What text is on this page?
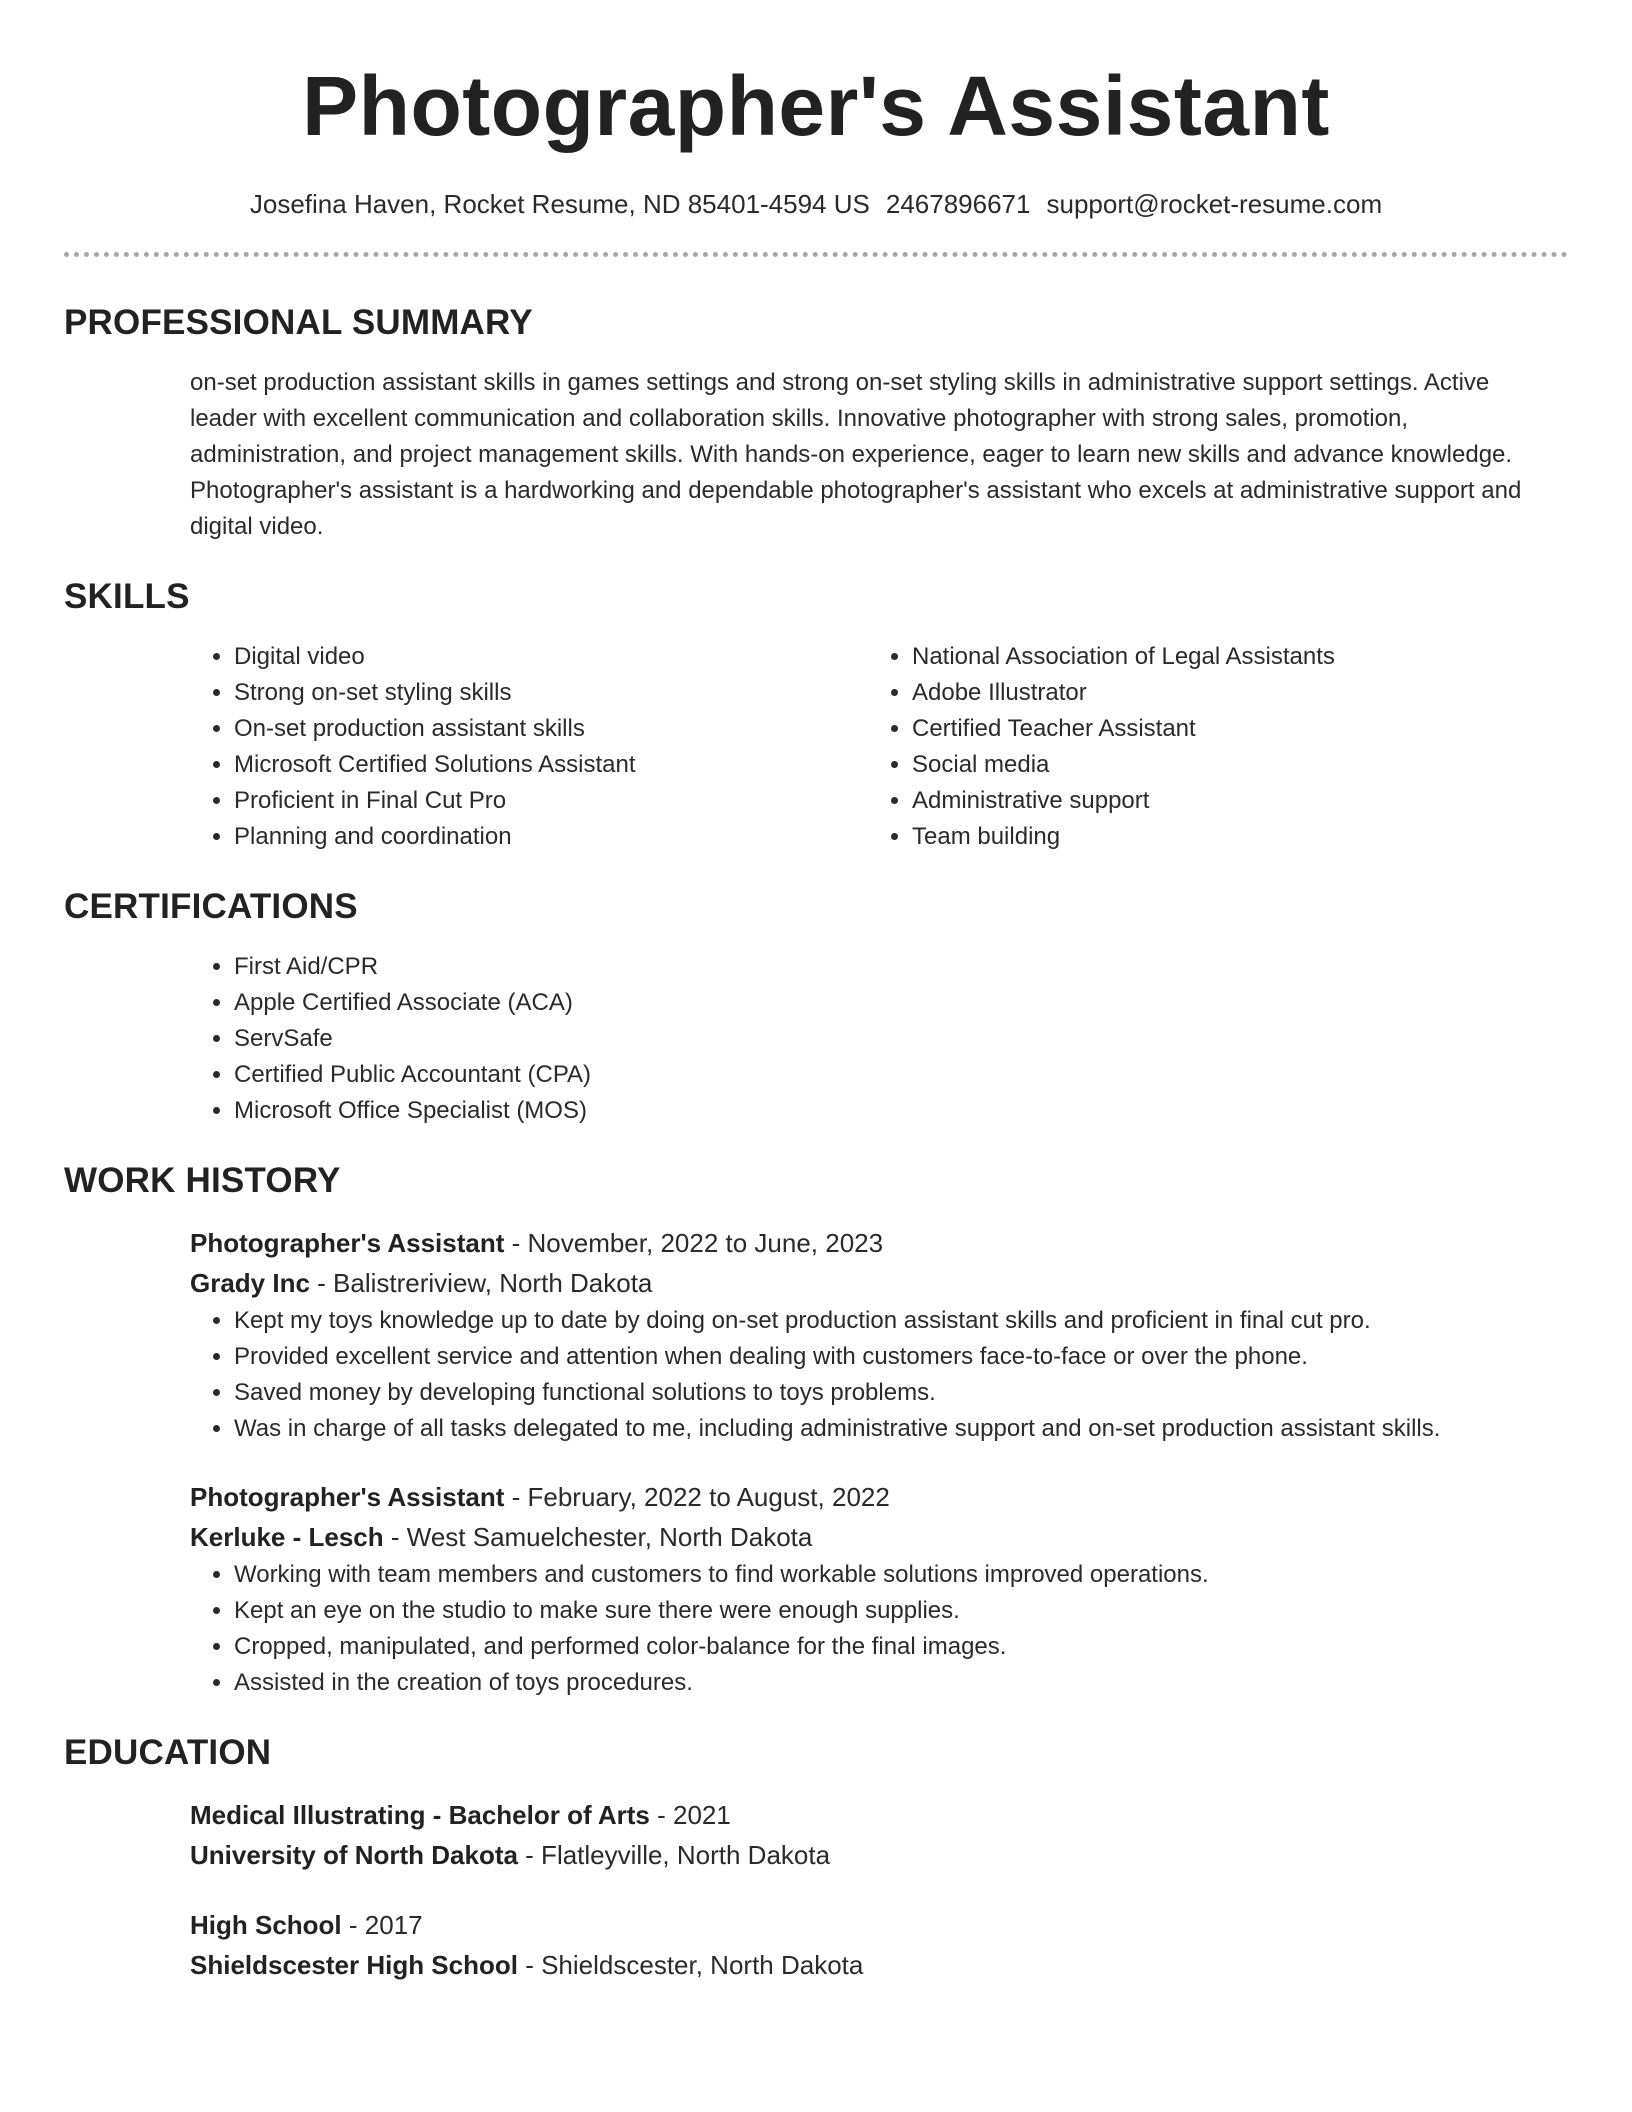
Photographer's Assistant
Josefina Haven, Rocket Resume, ND 85401-4594 US 2467896671 support@rocket-resume.com
PROFESSIONAL SUMMARY

on-set production assistant skills in games settings and strong on-set styling skills in administrative support settings. Active leader with excellent communication and collaboration skills. Innovative photographer with strong sales, promotion, administration, and project management skills. With hands-on experience, eager to learn new skills and advance knowledge. Photographer's assistant is a hardworking and dependable photographer's assistant who excels at administrative support and digital video.

SKILLS
• Digital video
• Strong on-set styling skills
• On-set production assistant skills
• Microsoft Certified Solutions Assistant
• Proficient in Final Cut Pro
• Planning and coordination
• National Association of Legal Assistants
• Adobe Illustrator
• Certified Teacher Assistant
• Social media
• Administrative support
• Team building
CERTIFICATIONS
• First Aid/CPR
• Apple Certified Associate (ACA)
• ServSafe
• Certified Public Accountant (CPA)
• Microsoft Office Specialist (MOS)
WORK HISTORY
Photographer's Assistant - November, 2022 to June, 2023
Grady Inc - Balistreriview, North Dakota
• Kept my toys knowledge up to date by doing on-set production assistant skills and proficient in final cut pro.
• Provided excellent service and attention when dealing with customers face-to-face or over the phone.
• Saved money by developing functional solutions to toys problems.
• Was in charge of all tasks delegated to me, including administrative support and on-set production assistant skills.
Photographer's Assistant - February, 2022 to August, 2022
Kerluke - Lesch - West Samuelchester, North Dakota
• Working with team members and customers to find workable solutions improved operations.
• Kept an eye on the studio to make sure there were enough supplies.
• Cropped, manipulated, and performed color-balance for the final images.
• Assisted in the creation of toys procedures.
EDUCATION
Medical Illustrating - Bachelor of Arts - 2021
University of North Dakota - Flatleyville, North Dakota
High School - 2017
Shieldscester High School - Shieldscester, North Dakota
